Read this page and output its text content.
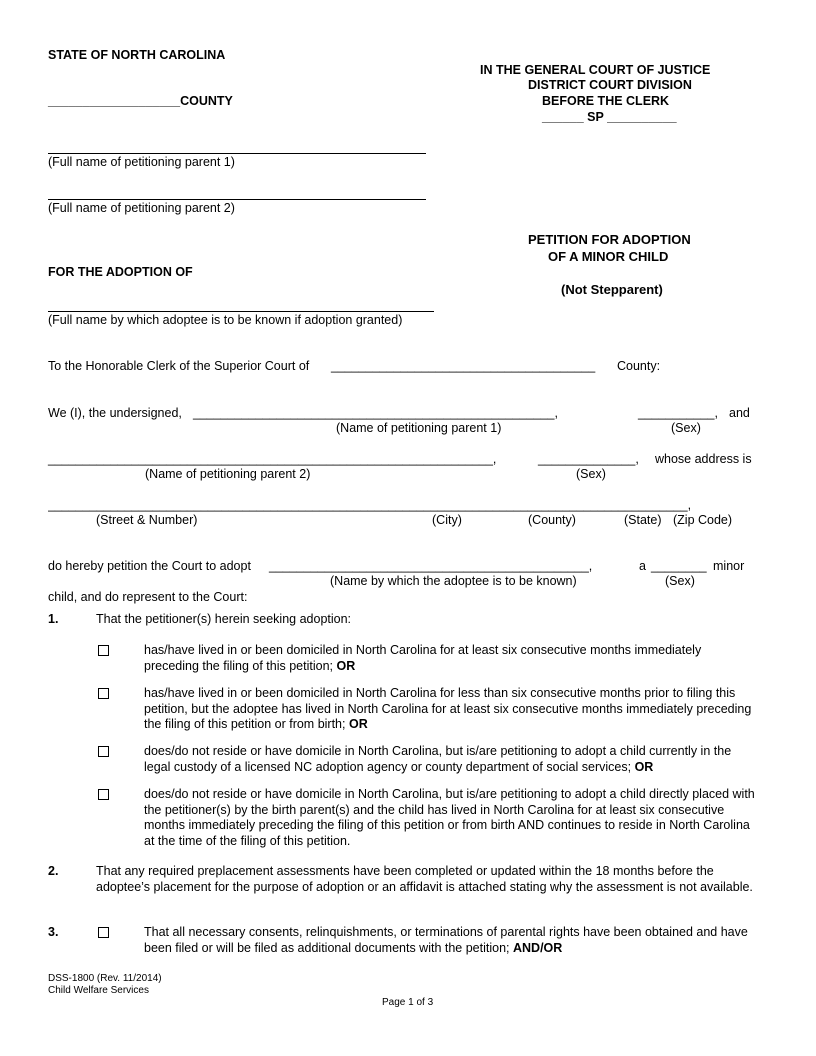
STATE OF NORTH CAROLINA
___________________COUNTY
IN THE GENERAL COURT OF JUSTICE
DISTRICT COURT DIVISION
BEFORE THE CLERK
______ SP __________
(Full name of petitioning parent 1)
(Full name of petitioning parent 2)
PETITION FOR ADOPTION
OF A MINOR CHILD
(Not Stepparent)
FOR THE ADOPTION OF
(Full name by which adoptee is to be known if adoption granted)
To the Honorable Clerk of the Superior Court of ______________________________________ County:
We (I), the undersigned, ____________________________________________________,	___________, and
(Name of petitioning parent 1)	(Sex)
________________________________________________________________,	______________, whose address is
(Name of petitioning parent 2)	(Sex)
____________________________________________________________________________________________,
(Street & Number)	(City)	(County)	(State) (Zip Code)
do hereby petition the Court to adopt ______________________________________________,	a ________ minor
(Name by which the adoptee is to be known)	(Sex)
child, and do represent to the Court:
1.	That the petitioner(s) herein seeking adoption:
has/have lived in or been domiciled in North Carolina for at least six consecutive months immediately preceding the filing of this petition; OR
has/have lived in or been domiciled in North Carolina for less than six consecutive months prior to filing this petition, but the adoptee has lived in North Carolina for at least six consecutive months immediately preceding the filing of this petition or from birth; OR
does/do not reside or have domicile in North Carolina, but is/are petitioning to adopt a child currently in the legal custody of a licensed NC adoption agency or county department of social services; OR
does/do not reside or have domicile in North Carolina, but is/are petitioning to adopt a child directly placed with the petitioner(s) by the birth parent(s) and the child has lived in North Carolina for at least six consecutive months immediately preceding the filing of this petition or from birth AND continues to reside in North Carolina at the time of the filing of this petition.
2.	That any required preplacement assessments have been completed or updated within the 18 months before the adoptee’s placement for the purpose of adoption or an affidavit is attached stating why the assessment is not available.
3.	That all necessary consents, relinquishments, or terminations of parental rights have been obtained and have been filed or will be filed as additional documents with the petition; AND/OR
DSS-1800 (Rev. 11/2014)
Child Welfare Services
Page 1 of 3
